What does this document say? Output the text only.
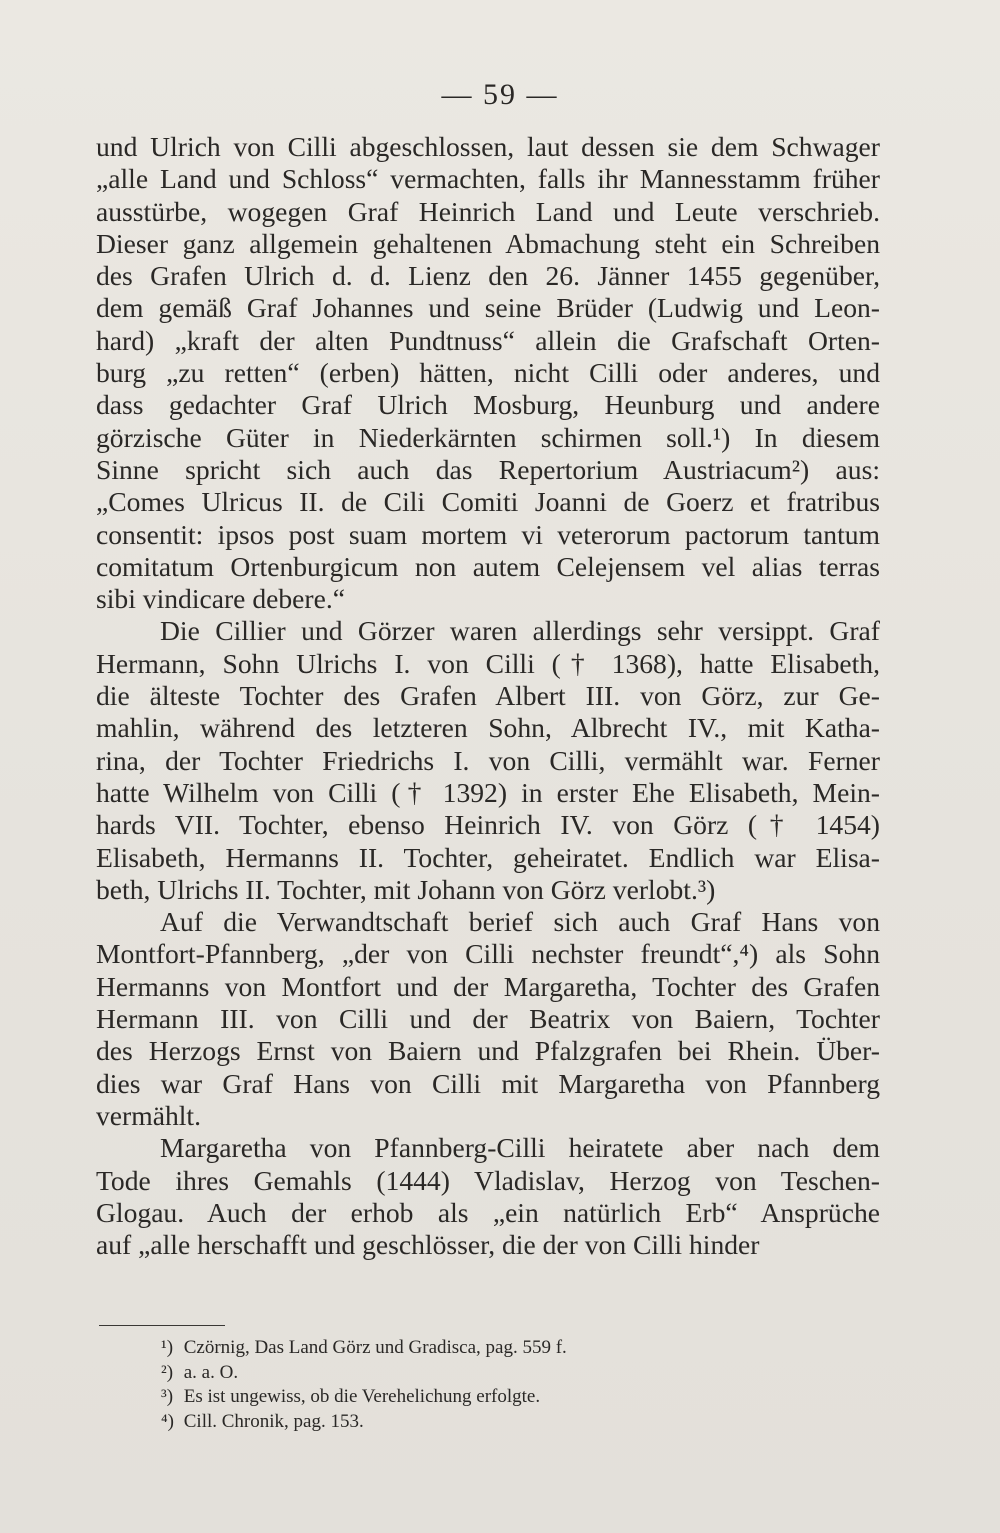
— 59 —
und Ulrich von Cilli abgeschlossen, laut dessen sie dem Schwager
„alle Land und Schloss“ vermachten, falls ihr Mannesstamm früher
ausstürbe, wogegen Graf Heinrich Land und Leute verschrieb.
Dieser ganz allgemein gehaltenen Abmachung steht ein Schreiben
des Grafen Ulrich d. d. Lienz den 26. Jänner 1455 gegenüber,
dem gemäß Graf Johannes und seine Brüder (Ludwig und Leon-
hard) „kraft der alten Pundtnuss“ allein die Grafschaft Orten-
burg „zu retten“ (erben) hätten, nicht Cilli oder anderes, und
dass gedachter Graf Ulrich Mosburg, Heunburg und andere
görzische Güter in Niederkärnten schirmen soll.¹) In diesem
Sinne spricht sich auch das Repertorium Austriacum²) aus:
„Comes Ulricus II. de Cili Comiti Joanni de Goerz et fratribus
consentit: ipsos post suam mortem vi veterorum pactorum tantum
comitatum Ortenburgicum non autem Celejensem vel alias terras
sibi vindicare debere.“
Die Cillier und Görzer waren allerdings sehr versippt. Graf
Hermann, Sohn Ulrichs I. von Cilli († 1368), hatte Elisabeth,
die älteste Tochter des Grafen Albert III. von Görz, zur Ge-
mahlin, während des letzteren Sohn, Albrecht IV., mit Katha-
rina, der Tochter Friedrichs I. von Cilli, vermählt war. Ferner
hatte Wilhelm von Cilli († 1392) in erster Ehe Elisabeth, Mein-
hards VII. Tochter, ebenso Heinrich IV. von Görz († 1454)
Elisabeth, Hermanns II. Tochter, geheiratet. Endlich war Elisa-
beth, Ulrichs II. Tochter, mit Johann von Görz verlobt.³)
Auf die Verwandtschaft berief sich auch Graf Hans von
Montfort-Pfannberg, „der von Cilli nechster freundt“,⁴) als Sohn
Hermanns von Montfort und der Margaretha, Tochter des Grafen
Hermann III. von Cilli und der Beatrix von Baiern, Tochter
des Herzogs Ernst von Baiern und Pfalzgrafen bei Rhein. Über-
dies war Graf Hans von Cilli mit Margaretha von Pfannberg
vermählt.
Margaretha von Pfannberg-Cilli heiratete aber nach dem
Tode ihres Gemahls (1444) Vladislav, Herzog von Teschen-
Glogau. Auch der erhob als „ein natürlich Erb“ Ansprüche
auf „alle herschafft und geschlösser, die der von Cilli hinder
¹) Czörnig, Das Land Görz und Gradisca, pag. 559 f.
²) a. a. O.
³) Es ist ungewiss, ob die Verehelichung erfolgte.
⁴) Cill. Chronik, pag. 153.
